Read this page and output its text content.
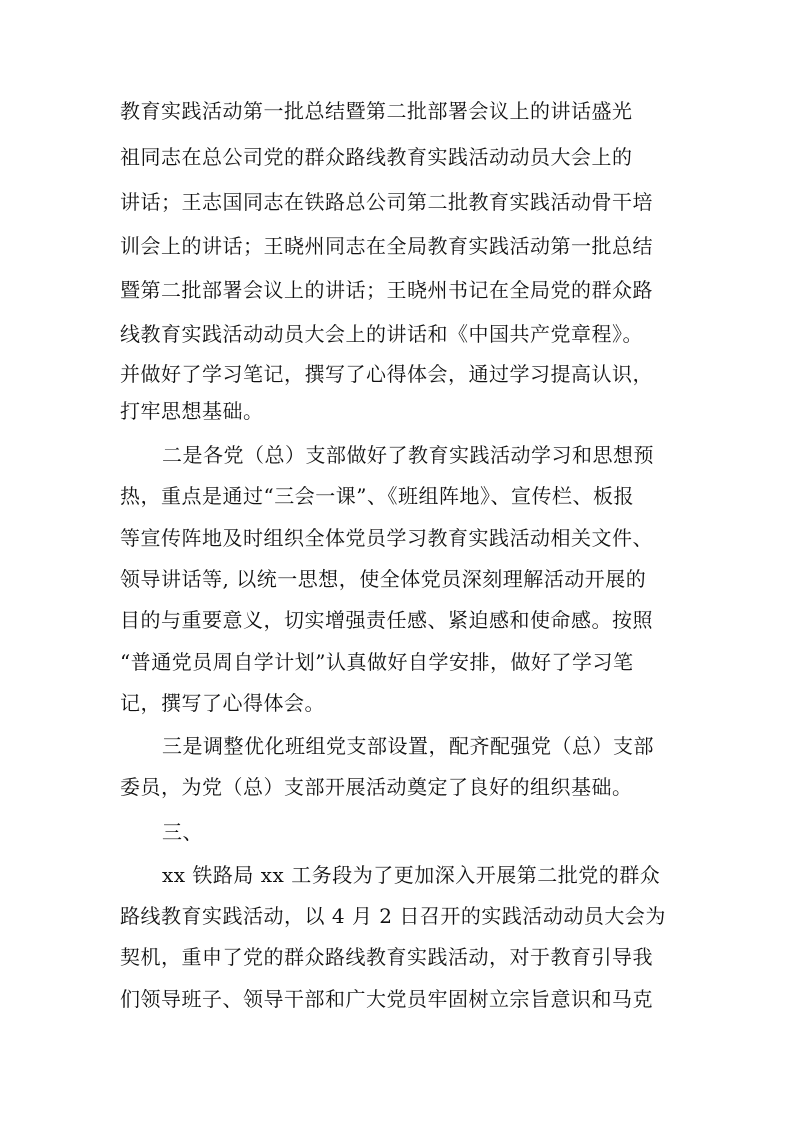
教育实践活动第一批总结暨第二批部署会议上的讲话盛光
祖同志在总公司党的群众路线教育实践活动动员大会上的
讲话；王志国同志在铁路总公司第二批教育实践活动骨干培
训会上的讲话；王晓州同志在全局教育实践活动第一批总结
暨第二批部署会议上的讲话；王晓州书记在全局党的群众路
线教育实践活动动员大会上的讲话和《中国共产党章程》。
并做好了学习笔记，撰写了心得体会，通过学习提高认识，
打牢思想基础。
二是各党（总）支部做好了教育实践活动学习和思想预
热，重点是通过“三会一课”、《班组阵地》、宣传栏、板报
等宣传阵地及时组织全体党员学习教育实践活动相关文件、
领导讲话等, 以统一思想，使全体党员深刻理解活动开展的
目的与重要意义，切实增强责任感、紧迫感和使命感。按照
“普通党员周自学计划”认真做好自学安排，做好了学习笔
记，撰写了心得体会。
三是调整优化班组党支部设置，配齐配强党（总）支部
委员，为党（总）支部开展活动奠定了良好的组织基础。
三、
xx 铁路局 xx 工务段为了更加深入开展第二批党的群众
路线教育实践活动，以 4 月 2 日召开的实践活动动员大会为
契机，重申了党的群众路线教育实践活动，对于教育引导我
们领导班子、领导干部和广大党员牢固树立宗旨意识和马克
